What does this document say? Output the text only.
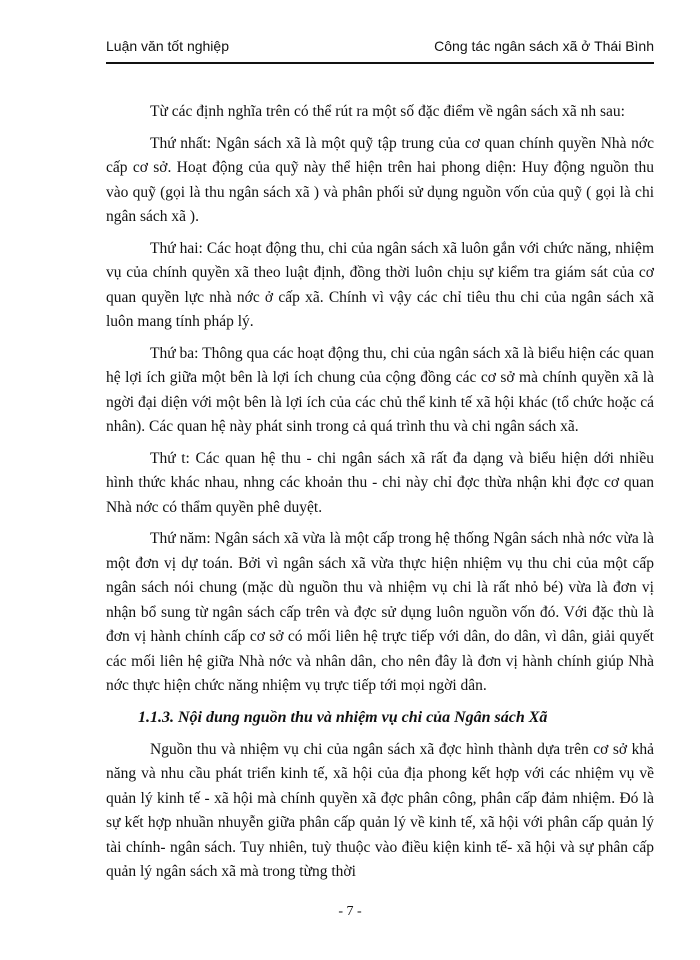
Luận văn tốt nghiệp	Công tác ngân sách xã ở Thái Bình

Từ các định nghĩa trên có thể rút ra một số đặc điểm về ngân sách xã nh sau:

Thứ nhất: Ngân sách xã là một quỹ tập trung của cơ quan chính quyền Nhà nớc cấp cơ sở. Hoạt động của quỹ này thể hiện trên hai phong diện: Huy động nguồn thu vào quỹ (gọi là thu ngân sách xã ) và phân phối sử dụng nguồn vốn của quỹ ( gọi là chi ngân sách xã ).

Thứ hai: Các hoạt động thu, chi của ngân sách xã luôn gắn với chức năng, nhiệm vụ của chính quyền xã theo luật định, đồng thời luôn chịu sự kiểm tra giám sát của cơ quan quyền lực nhà nớc ở cấp xã. Chính vì vậy các chỉ tiêu thu chi của ngân sách xã luôn mang tính pháp lý.

Thứ ba: Thông qua các hoạt động thu, chi của ngân sách xã là biểu hiện các quan hệ lợi ích giữa một bên là lợi ích chung của cộng đồng các cơ sở mà chính quyền xã là ngời đại diện với một bên là lợi ích của các chủ thể kinh tế xã hội khác (tổ chức hoặc cá nhân). Các quan hệ này phát sinh trong cả quá trình thu và chi ngân sách xã.

Thứ t: Các quan hệ thu - chi ngân sách xã rất đa dạng và biểu hiện dới nhiều hình thức khác nhau, nhng các khoản thu - chi này chỉ đợc thừa nhận khi đợc cơ quan Nhà nớc có thẩm quyền phê duyệt.

Thứ năm: Ngân sách xã vừa là một cấp trong hệ thống Ngân sách nhà nớc vừa là một đơn vị dự toán. Bởi vì ngân sách xã vừa thực hiện nhiệm vụ thu chi của một cấp ngân sách nói chung (mặc dù nguồn thu và nhiệm vụ chi là rất nhỏ bé) vừa là đơn vị nhận bổ sung từ ngân sách cấp trên và đợc sử dụng luôn nguồn vốn đó. Với đặc thù là đơn vị hành chính cấp cơ sở có mối liên hệ trực tiếp với dân, do dân, vì dân, giải quyết các mối liên hệ giữa Nhà nớc và nhân dân, cho nên đây là đơn vị hành chính giúp Nhà nớc thực hiện chức năng nhiệm vụ trực tiếp tới mọi ngời dân.

1.1.3. Nội dung nguồn thu và nhiệm vụ chi của Ngân sách Xã

Nguồn thu và nhiệm vụ chi của ngân sách xã đợc hình thành dựa trên cơ sở khả năng và nhu cầu phát triển kinh tế, xã hội của địa phong kết hợp với các nhiệm vụ về quản lý kinh tế - xã hội mà chính quyền xã đợc phân công, phân cấp đảm nhiệm. Đó là sự kết hợp nhuần nhuyễn giữa phân cấp quản lý về kinh tế, xã hội với phân cấp quản lý tài chính- ngân sách. Tuy nhiên, tuỳ thuộc vào điều kiện kinh tế- xã hội và sự phân cấp quản lý ngân sách xã mà trong từng thời

- 7 -
